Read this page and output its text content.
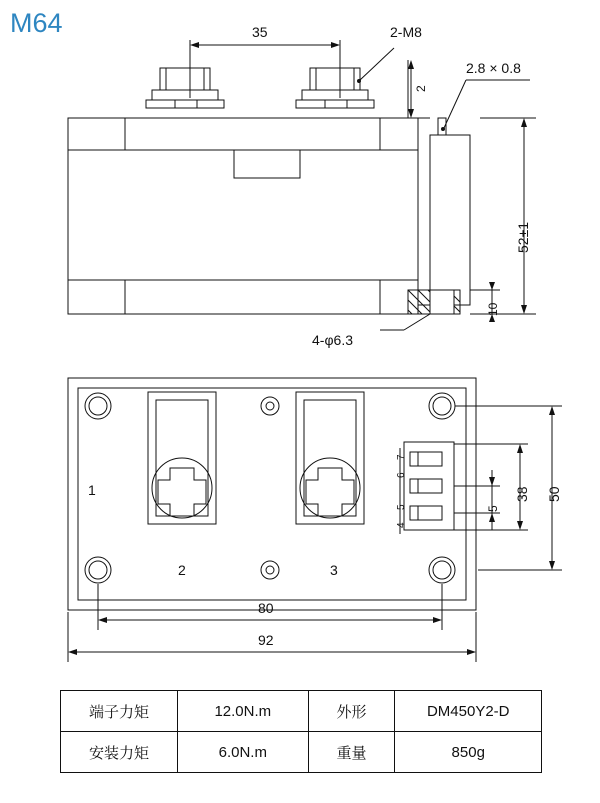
M64	35	2-M8
2
2.8 × 0.8
52±1
10
4-φ6.3
1
2	3
4
5
6
7
5
38 50
80
92
端子力矩	12.0N.m	外形	DM450Y2-D
安装力矩	6.0N.m	重量	850g
